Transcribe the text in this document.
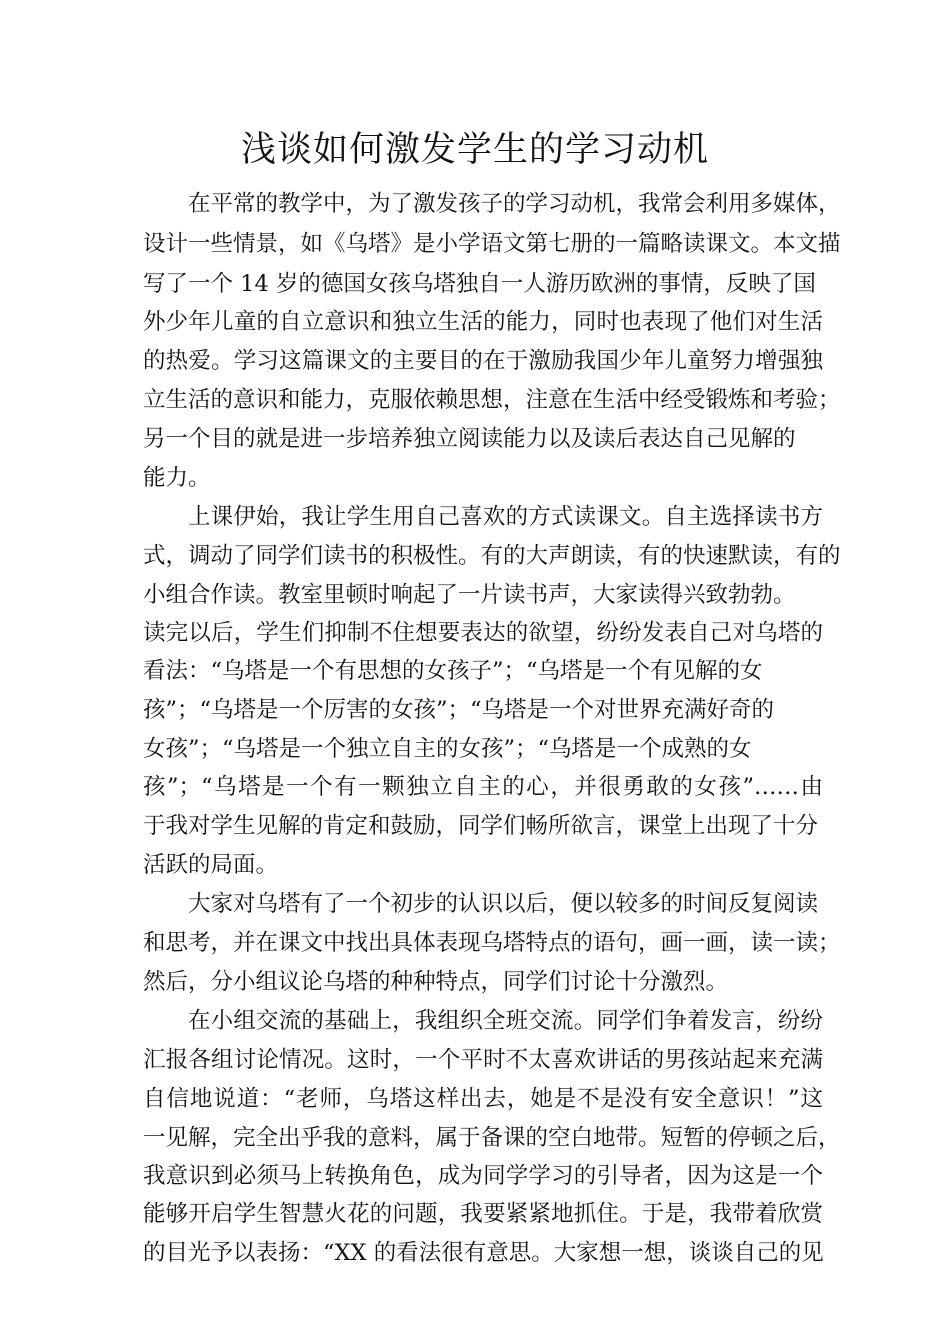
浅谈如何激发学生的学习动机
在平常的教学中，为了激发孩子的学习动机，我常会利用多媒体，
设计一些情景，如《乌塔》是小学语文第七册的一篇略读课文。本文描
写了一个 14 岁的德国女孩乌塔独自一人游历欧洲的事情，反映了国
外少年儿童的自立意识和独立生活的能力，同时也表现了他们对生活
的热爱。学习这篇课文的主要目的在于激励我国少年儿童努力增强独
立生活的意识和能力，克服依赖思想，注意在生活中经受锻炼和考验；
另一个目的就是进一步培养独立阅读能力以及读后表达自己见解的
能力。
上课伊始，我让学生用自己喜欢的方式读课文。自主选择读书方
式，调动了同学们读书的积极性。有的大声朗读，有的快速默读，有的
小组合作读。教室里顿时响起了一片读书声，大家读得兴致勃勃。
读完以后，学生们抑制不住想要表达的欲望，纷纷发表自己对乌塔的
看法：“乌塔是一个有思想的女孩子”；“乌塔是一个有见解的女
孩”；“乌塔是一个厉害的女孩”；“乌塔是一个对世界充满好奇的
女孩”；“乌塔是一个独立自主的女孩”；“乌塔是一个成熟的女
孩”；“乌塔是一个有一颗独立自主的心，并很勇敢的女孩”……由
于我对学生见解的肯定和鼓励，同学们畅所欲言，课堂上出现了十分
活跃的局面。
大家对乌塔有了一个初步的认识以后，便以较多的时间反复阅读
和思考，并在课文中找出具体表现乌塔特点的语句，画一画，读一读；
然后，分小组议论乌塔的种种特点，同学们讨论十分激烈。
在小组交流的基础上，我组织全班交流。同学们争着发言，纷纷
汇报各组讨论情况。这时，一个平时不太喜欢讲话的男孩站起来充满
自信地说道：“老师，乌塔这样出去，她是不是没有安全意识！”这
一见解，完全出乎我的意料，属于备课的空白地带。短暂的停顿之后，
我意识到必须马上转换角色，成为同学学习的引导者，因为这是一个
能够开启学生智慧火花的问题，我要紧紧地抓住。于是，我带着欣赏
的目光予以表扬：“XX 的看法很有意思。大家想一想，谈谈自己的见
